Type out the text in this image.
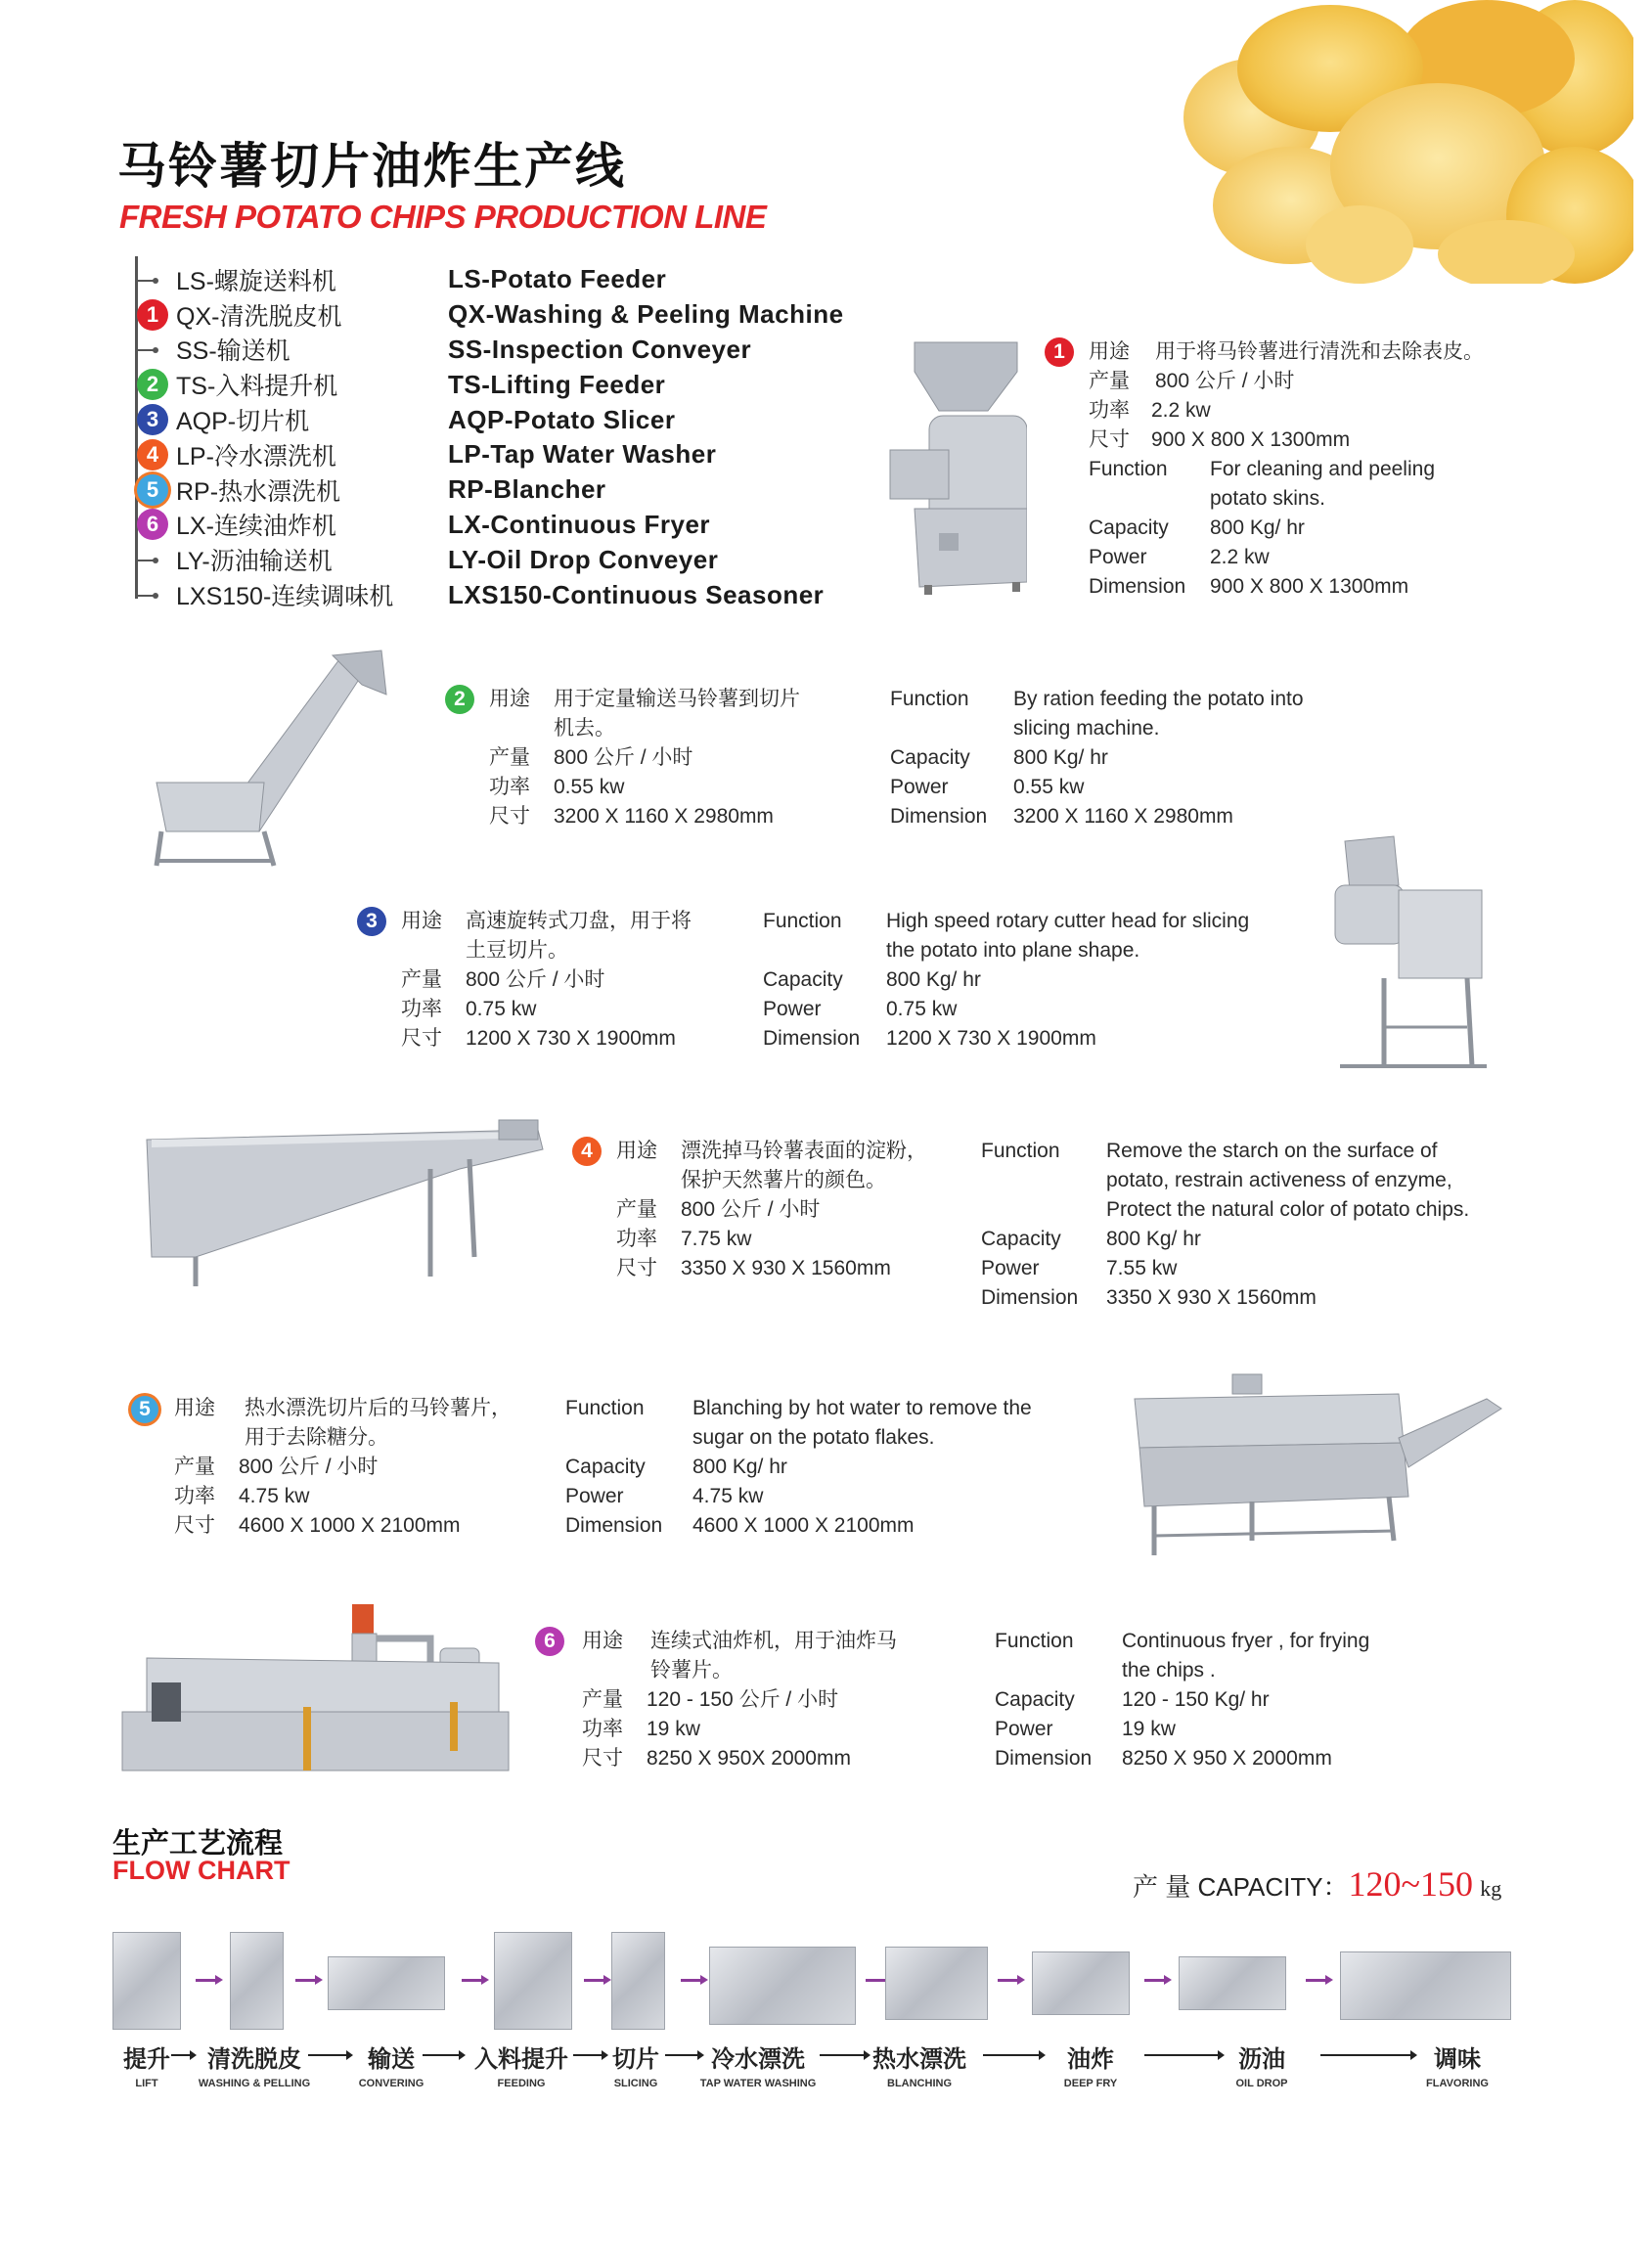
马铃薯切片油炸生产线
FRESH POTATO CHIPS PRODUCTION LINE
LS-螺旋送料机	LS-Potato Feeder
1 QX-清洗脱皮机	QX-Washing & Peeling Machine
SS-输送机	SS-Inspection Conveyer
2 TS-入料提升机	TS-Lifting Feeder
3 AQP-切片机	AQP-Potato Slicer
4 LP-冷水漂洗机	LP-Tap Water Washer
5 RP-热水漂洗机	RP-Blancher
6 LX-连续油炸机	LX-Continuous Fryer
LY-沥油输送机	LY-Oil Drop Conveyer
LXS150-连续调味机 LXS150-Continuous Seasoner
1	用途	用于将马铃薯进行清洗和去除表皮。
产量	800 公斤 / 小时
功率	2.2 kw
尺寸	900 X 800 X 1300mm
Function	For cleaning and peeling
potato skins.
Capacity	800 Kg/ hr
Power	2.2 kw
Dimension	900 X 800 X 1300mm
2	用途	用于定量输送马铃薯到切片
机去。
产量	800 公斤 / 小时
功率	0.55 kw
尺寸	3200 X 1160 X 2980mm
Function	By ration feeding the potato into
slicing machine.
Capacity	800 Kg/ hr
Power	0.55 kw
Dimension	3200 X 1160 X 2980mm
3	用途	高速旋转式刀盘，用于将
土豆切片。
产量	800 公斤 / 小时
功率	0.75 kw
尺寸	1200 X 730 X 1900mm
Function	High speed rotary cutter head for slicing
the potato into plane shape.
Capacity	800 Kg/ hr
Power	0.75 kw
Dimension	1200 X 730 X 1900mm
4	用途	漂洗掉马铃薯表面的淀粉，
保护天然薯片的颜色。
产量	800 公斤 / 小时
功率	7.75 kw
尺寸	3350 X 930 X 1560mm
Function	Remove the starch on the surface of
potato, restrain activeness of enzyme,
Protect the natural color of potato chips.
Capacity	800 Kg/ hr
Power	7.55 kw
Dimension	3350 X 930 X 1560mm
5	用途	热水漂洗切片后的马铃薯片，
用于去除糖分。
产量	800 公斤 / 小时
功率	4.75 kw
尺寸	4600 X 1000 X 2100mm
Function	Blanching by hot water to remove the
sugar on the potato flakes.
Capacity	800 Kg/ hr
Power	4.75 kw
Dimension	4600 X 1000 X 2100mm
6	用途	连续式油炸机，用于油炸马
铃薯片。
产量	120 - 150 公斤 / 小时
功率	19 kw
尺寸	8250 X 950X 2000mm
Function	Continuous fryer , for frying
the chips .
Capacity	120 - 150 Kg/ hr
Power	19 kw
Dimension	8250 X 950 X 2000mm
生产工艺流程
FLOW CHART
产 量 CAPACITY：120~150 kg
提升
LIFT
清洗脱皮
WASHING & PELLING
输送
CONVERING
入料提升
FEEDING
切片
SLICING
冷水漂洗
TAP WATER WASHING
热水漂洗
BLANCHING
油炸
DEEP FRY
沥油
OIL DROP
调味
FLAVORING
